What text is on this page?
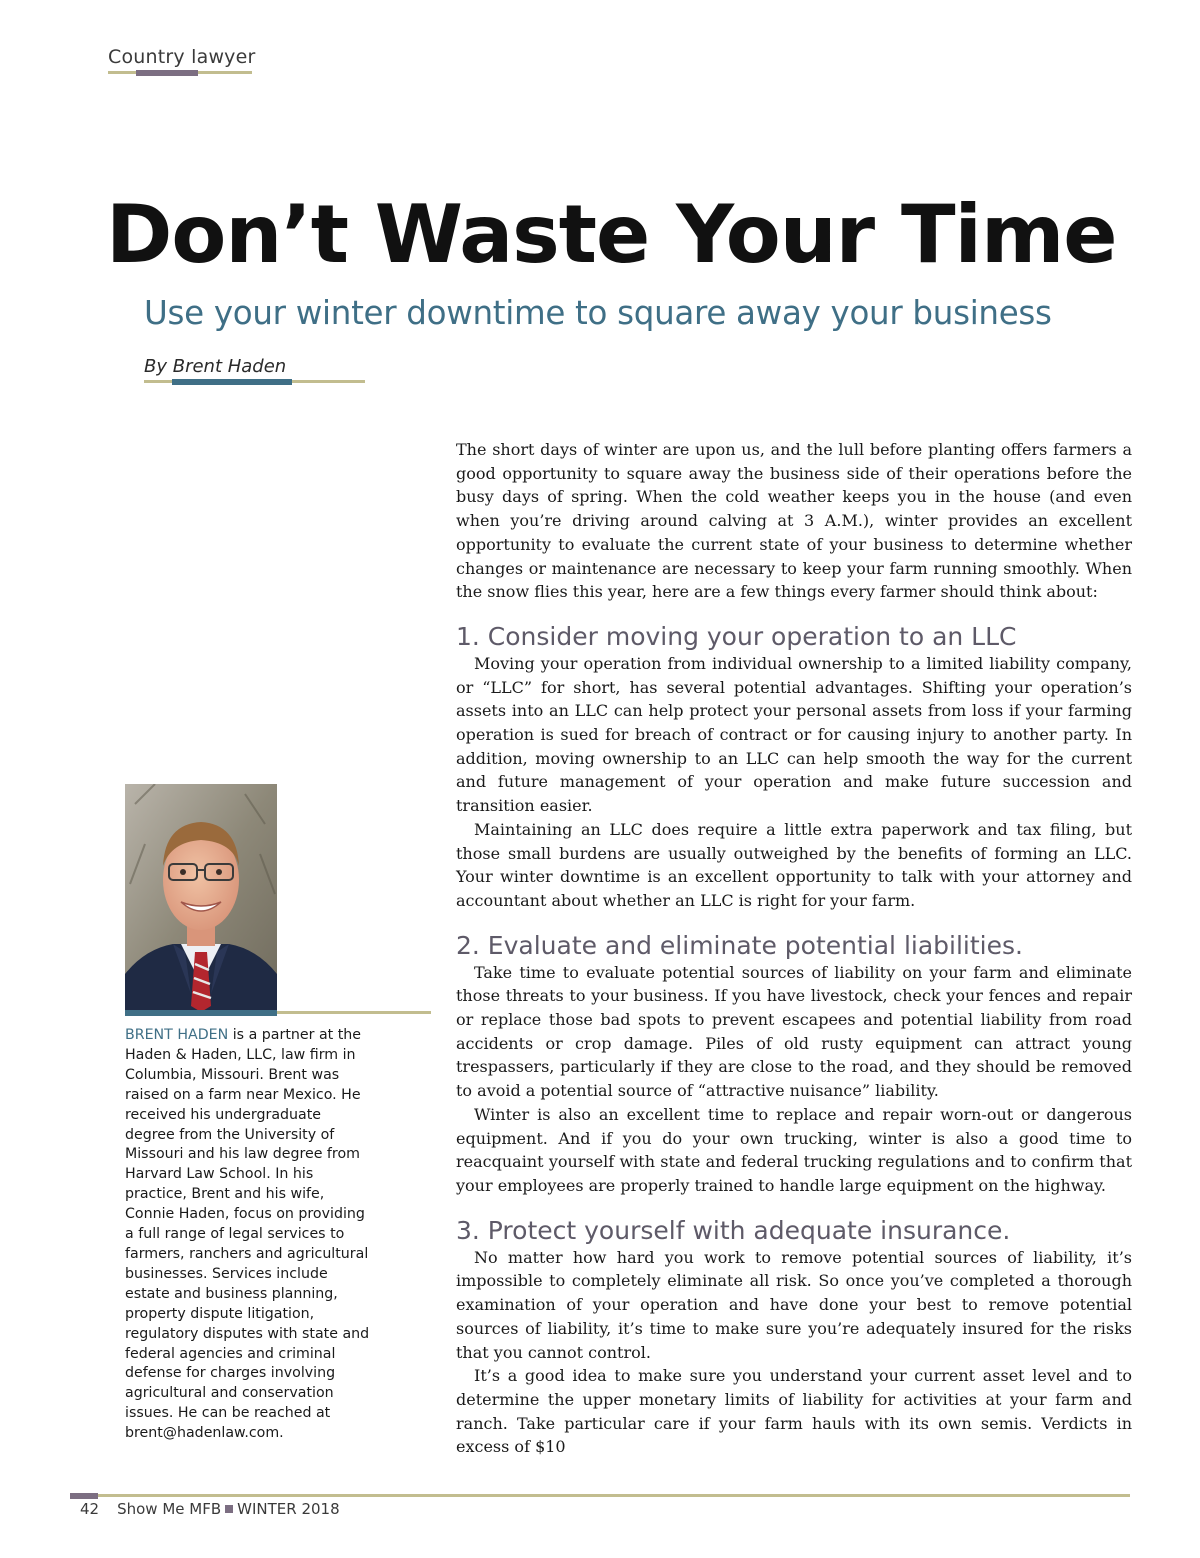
Country lawyer
Don’t Waste Your Time
Use your winter downtime to square away your business
By Brent Haden

BRENT HADEN is a partner at the Haden & Haden, LLC, law firm in Columbia, Missouri. Brent was raised on a farm near Mexico. He received his undergraduate degree from the University of Missouri and his law degree from Harvard Law School. In his practice, Brent and his wife, Connie Haden, focus on providing a full range of legal services to farmers, ranchers and agricultural businesses. Services include estate and business planning, property dispute litigation, regulatory disputes with state and federal agencies and criminal defense for charges involving agricultural and conservation issues. He can be reached at brent@hadenlaw.com.

The short days of winter are upon us, and the lull before planting offers farmers a good opportunity to square away the business side of their operations before the busy days of spring. When the cold weather keeps you in the house (and even when you’re driving around calving at 3 A.M.), winter provides an excellent opportunity to evaluate the current state of your business to determine whether changes or maintenance are necessary to keep your farm running smoothly. When the snow flies this year, here are a few things every farmer should think about:

1. Consider moving your operation to an LLC

Moving your operation from individual ownership to a limited liability company, or “LLC” for short, has several potential advantages. Shifting your operation’s assets into an LLC can help protect your personal assets from loss if your farming operation is sued for breach of contract or for causing injury to another party. In addition, moving ownership to an LLC can help smooth the way for the current and future management of your operation and make future succession and transition easier.

Maintaining an LLC does require a little extra paperwork and tax filing, but those small burdens are usually outweighed by the benefits of forming an LLC. Your winter downtime is an excellent opportunity to talk with your attorney and accountant about whether an LLC is right for your farm.

2. Evaluate and eliminate potential liabilities.

Take time to evaluate potential sources of liability on your farm and eliminate those threats to your business. If you have livestock, check your fences and repair or replace those bad spots to prevent escapees and potential liability from road accidents or crop damage. Piles of old rusty equipment can attract young trespassers, particularly if they are close to the road, and they should be removed to avoid a potential source of “attractive nuisance” liability.

Winter is also an excellent time to replace and repair worn-out or dangerous equipment. And if you do your own trucking, winter is also a good time to reacquaint yourself with state and federal trucking regulations and to confirm that your employees are properly trained to handle large equipment on the highway.

3. Protect yourself with adequate insurance.

No matter how hard you work to remove potential sources of liability, it’s impossible to completely eliminate all risk. So once you’ve completed a thorough examination of your operation and have done your best to remove potential sources of liability, it’s time to make sure you’re adequately insured for the risks that you cannot control.

It’s a good idea to make sure you understand your current asset level and to determine the upper monetary limits of liability for activities at your farm and ranch. Take particular care if your farm hauls with its own semis. Verdicts in excess of $10

42 Show Me MFB WINTER 2018
